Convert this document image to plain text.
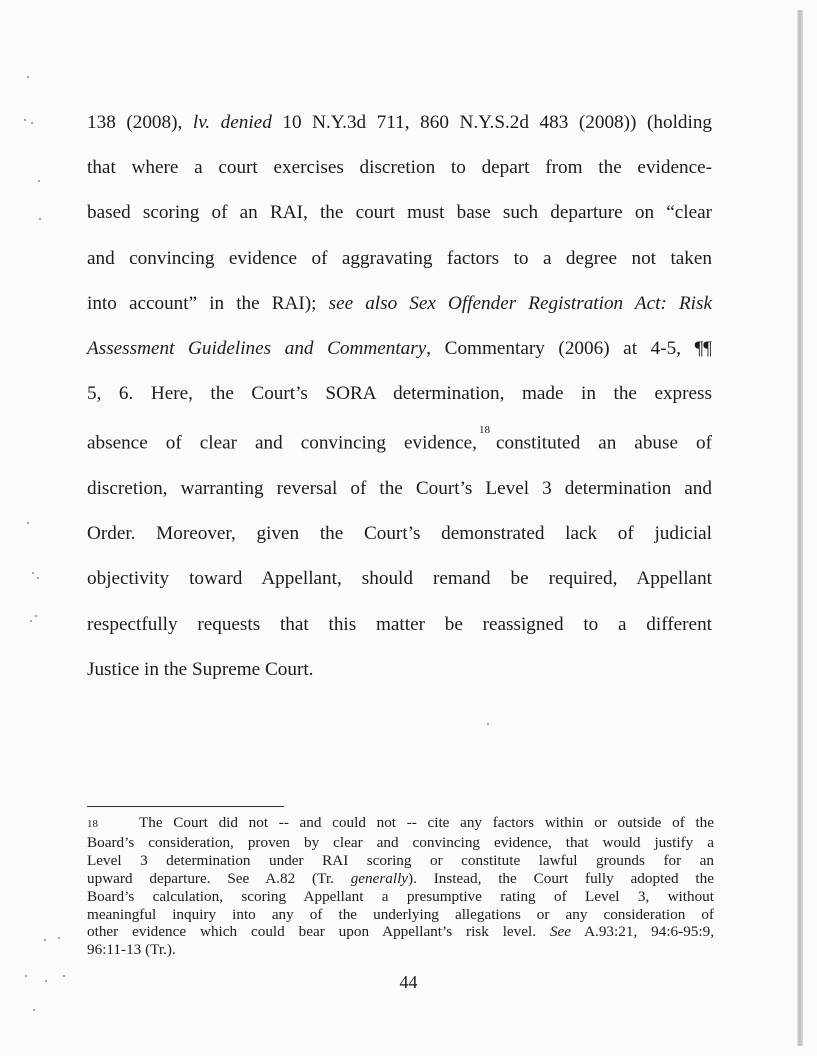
138 (2008), lv. denied 10 N.Y.3d 711, 860 N.Y.S.2d 483 (2008)) (holding
that where a court exercises discretion to depart from the evidence-
based scoring of an RAI, the court must base such departure on “clear
and convincing evidence of aggravating factors to a degree not taken
into account” in the RAI); see also Sex Offender Registration Act: Risk
Assessment Guidelines and Commentary, Commentary (2006) at 4-5, ¶¶
5, 6. Here, the Court’s SORA determination, made in the express
absence of clear and convincing evidence,$^{18}$constituted an abuse of
discretion, warranting reversal of the Court’s Level 3 determination and
Order. Moreover, given the Court’s demonstrated lack of judicial
objectivity toward Appellant, should remand be required, Appellant
respectfully requests that this matter be reassigned to a different
Justice in the Supreme Court.
18	The Court did not -- and could not -- cite any factors within or outside of the
Board’s consideration, proven by clear and convincing evidence, that would justify a
Level 3 determination under RAI scoring or constitute lawful grounds for an
upward departure. See A.82 (Tr. generally). Instead, the Court fully adopted the
Board’s calculation, scoring Appellant a presumptive rating of Level 3, without
meaningful inquiry into any of the underlying allegations or any consideration of
other evidence which could bear upon Appellant’s risk level. See A.93:21, 94:6-95:9,
96:11-13 (Tr.).
44
